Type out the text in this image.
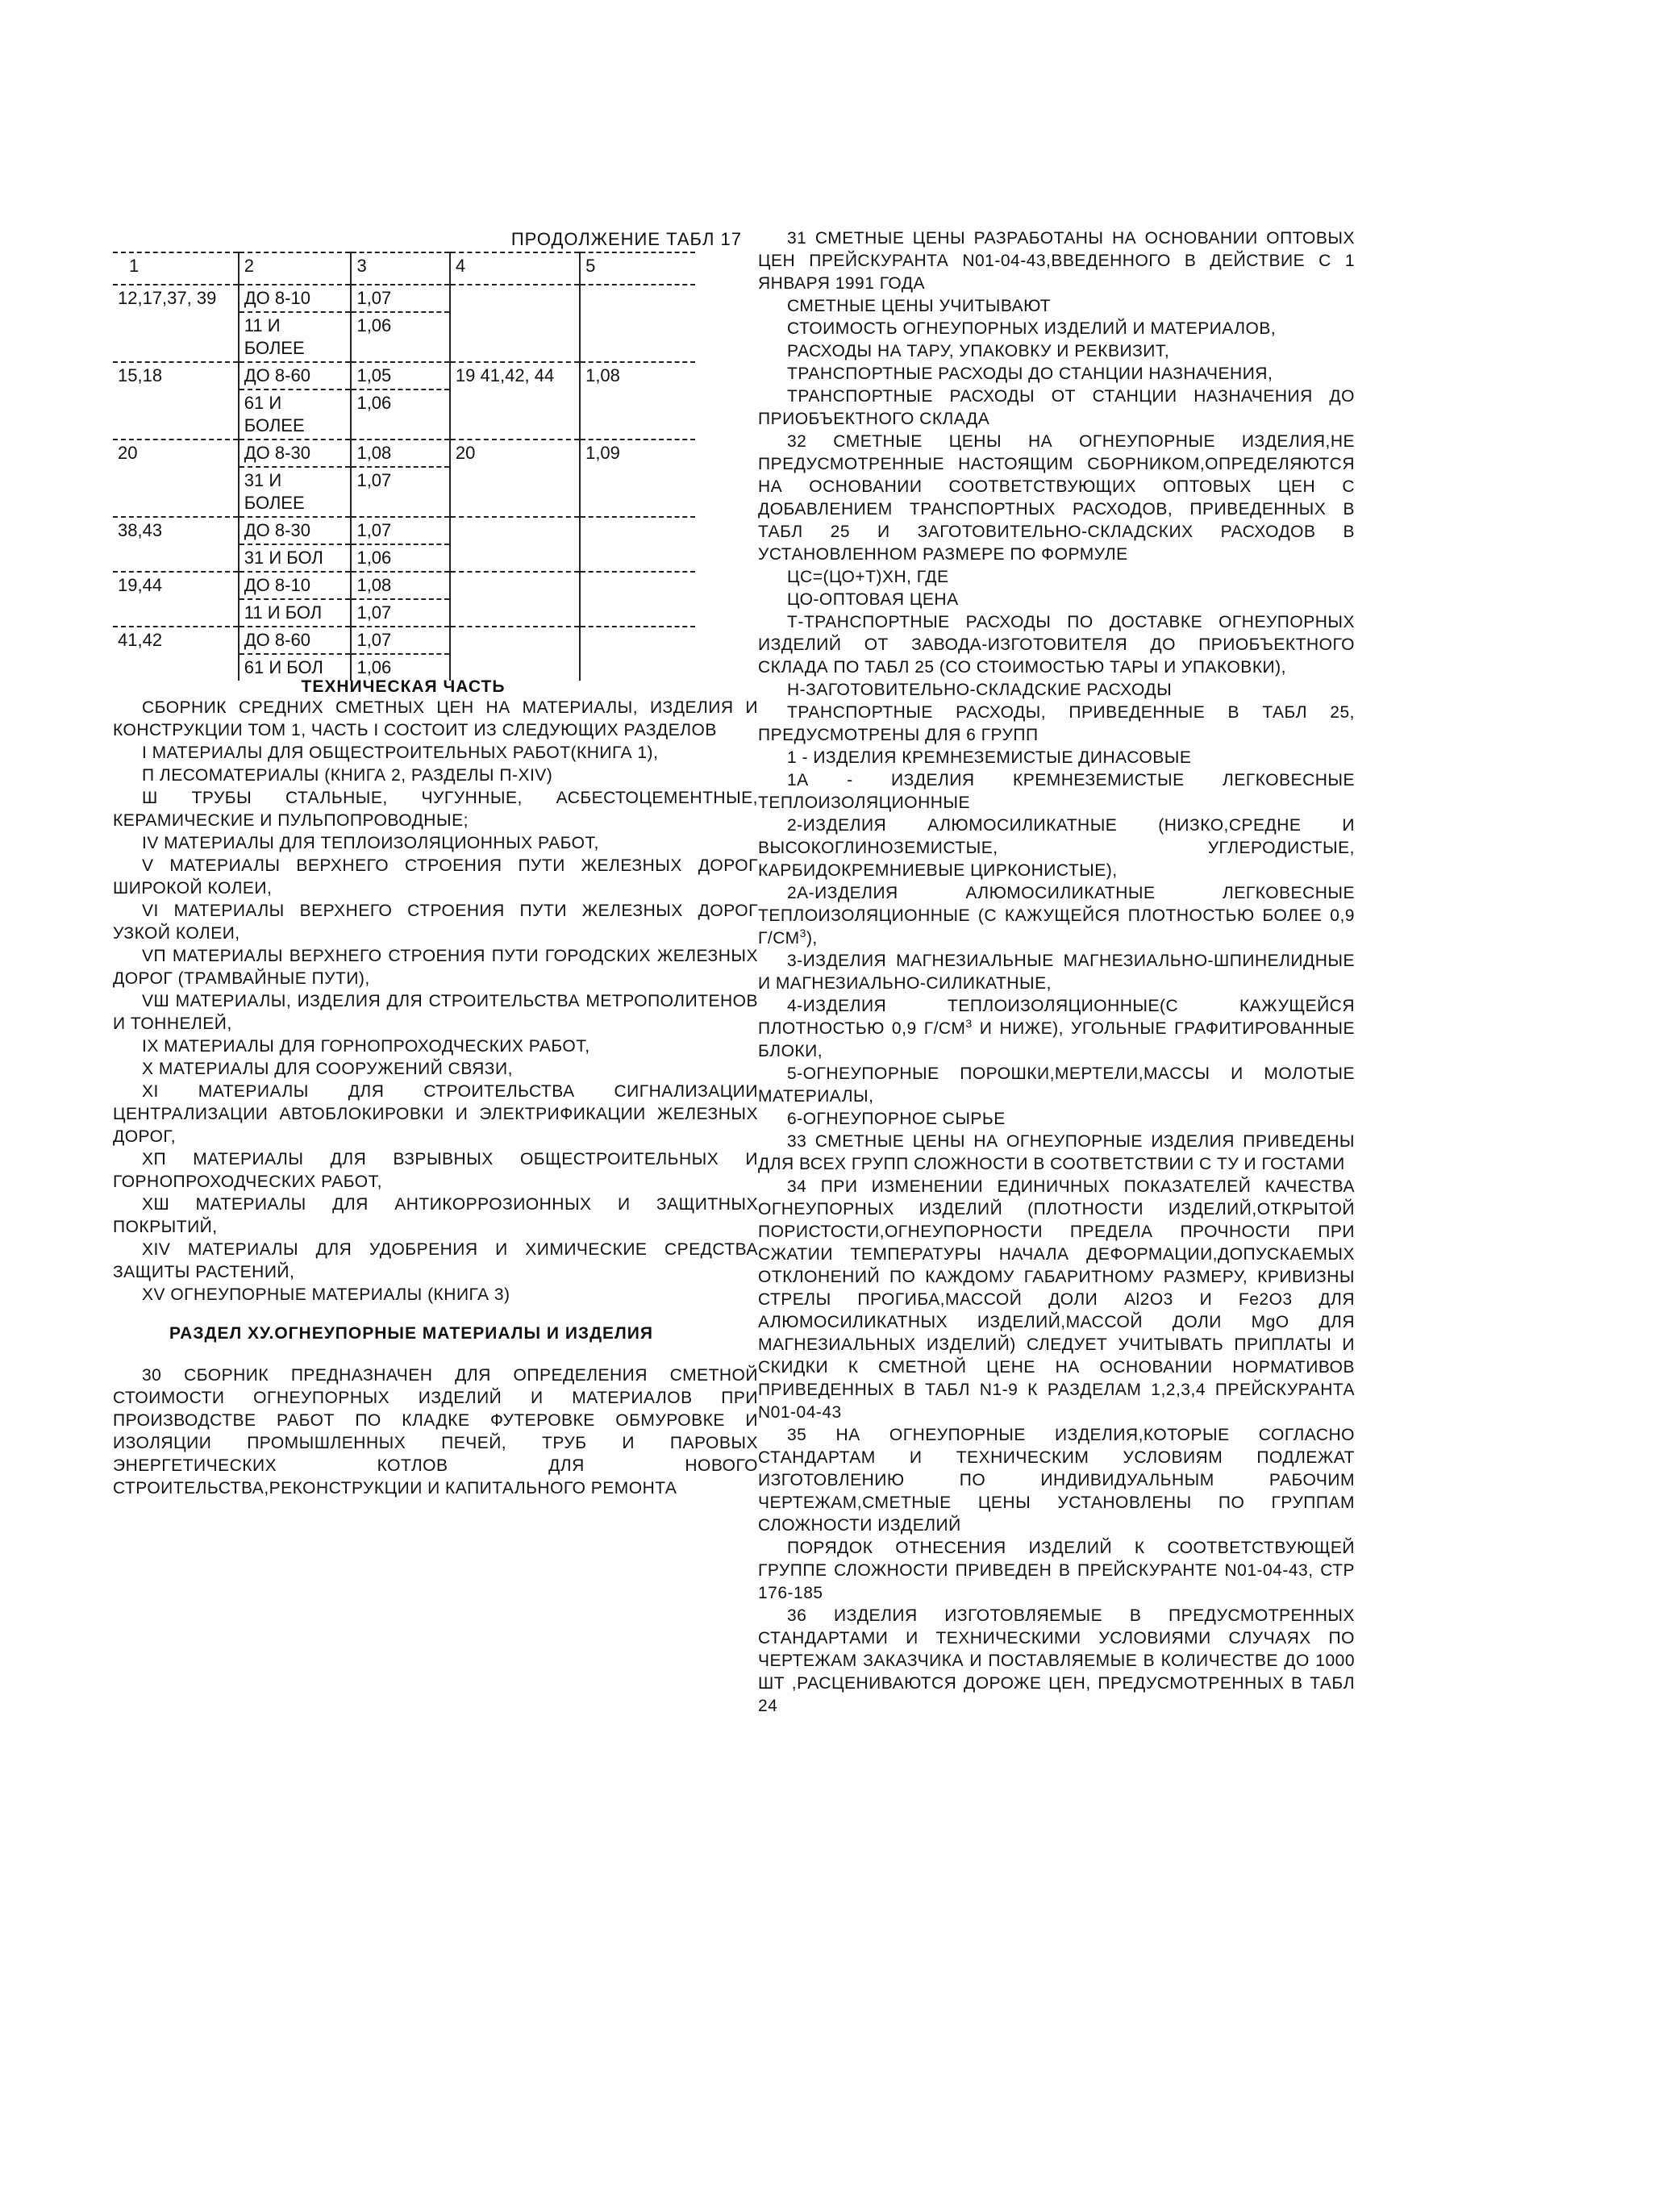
ПРОДОЛЖЕНИЕ ТАБЛ 17
1	2	3	4	5
12,17,37, 39	ДО 8-10	1,07		
	11 И БОЛЕЕ	1,06		
15,18	ДО 8-60	1,05	19 41,42, 44	1,08
	61 И БОЛЕЕ	1,06		
20	ДО 8-30	1,08	20	1,09
	31 И БОЛЕЕ	1,07		
38,43	ДО 8-30	1,07		
	31 И БОЛ	1,06		
19,44	ДО 8-10	1,08		
	11 И БОЛ	1,07		
41,42	ДО 8-60	1,07		
	61 И БОЛ	1,06		
ТЕХНИЧЕСКАЯ ЧАСТЬ

СБОРНИК СРЕДНИХ СМЕТНЫХ ЦЕН НА МАТЕРИАЛЫ, ИЗДЕЛИЯ И КОНСТРУКЦИИ ТОМ 1, ЧАСТЬ I СОСТОИТ ИЗ СЛЕДУЮЩИХ РАЗДЕЛОВ

I МАТЕРИАЛЫ ДЛЯ ОБЩЕСТРОИТЕЛЬНЫХ РАБОТ(КНИГА 1),

П ЛЕСОМАТЕРИАЛЫ (КНИГА 2, РАЗДЕЛЫ П-XIV)

Ш ТРУБЫ СТАЛЬНЫЕ, ЧУГУННЫЕ, АСБЕСТОЦЕМЕНТНЫЕ, КЕРАМИЧЕСКИЕ И ПУЛЬПОПРОВОДНЫЕ;

IV МАТЕРИАЛЫ ДЛЯ ТЕПЛОИЗОЛЯЦИОННЫХ РАБОТ,

V МАТЕРИАЛЫ ВЕРХНЕГО СТРОЕНИЯ ПУТИ ЖЕЛЕЗНЫХ ДОРОГ ШИРОКОЙ КОЛЕИ,

VI МАТЕРИАЛЫ ВЕРХНЕГО СТРОЕНИЯ ПУТИ ЖЕЛЕЗНЫХ ДОРОГ УЗКОЙ КОЛЕИ,

VП МАТЕРИАЛЫ ВЕРХНЕГО СТРОЕНИЯ ПУТИ ГОРОДСКИХ ЖЕЛЕЗНЫХ ДОРОГ (ТРАМВАЙНЫЕ ПУТИ),

VШ МАТЕРИАЛЫ, ИЗДЕЛИЯ ДЛЯ СТРОИТЕЛЬСТВА МЕТРОПОЛИТЕНОВ И ТОННЕЛЕЙ,

IX МАТЕРИАЛЫ ДЛЯ ГОРНОПРОХОДЧЕСКИХ РАБОТ,

X МАТЕРИАЛЫ ДЛЯ СООРУЖЕНИЙ СВЯЗИ,

XI МАТЕРИАЛЫ ДЛЯ СТРОИТЕЛЬСТВА СИГНАЛИЗАЦИИ ЦЕНТРАЛИЗАЦИИ АВТОБЛОКИРОВКИ И ЭЛЕКТРИФИКАЦИИ ЖЕЛЕЗНЫХ ДОРОГ,

XП МАТЕРИАЛЫ ДЛЯ ВЗРЫВНЫХ ОБЩЕСТРОИТЕЛЬНЫХ И ГОРНОПРОХОДЧЕСКИХ РАБОТ,

XШ МАТЕРИАЛЫ ДЛЯ АНТИКОРРОЗИОННЫХ И ЗАЩИТНЫХ ПОКРЫТИЙ,

XIV МАТЕРИАЛЫ ДЛЯ УДОБРЕНИЯ И ХИМИЧЕСКИЕ СРЕДСТВА ЗАЩИТЫ РАСТЕНИЙ,

XV ОГНЕУПОРНЫЕ МАТЕРИАЛЫ (КНИГА 3)

РАЗДЕЛ XУ.ОГНЕУПОРНЫЕ МАТЕРИАЛЫ И ИЗДЕЛИЯ

30 СБОРНИК ПРЕДНАЗНАЧЕН ДЛЯ ОПРЕДЕЛЕНИЯ СМЕТНОЙ СТОИМОСТИ ОГНЕУПОРНЫХ ИЗДЕЛИЙ И МАТЕРИАЛОВ ПРИ ПРОИЗВОДСТВЕ РАБОТ ПО КЛАДКЕ ФУТЕРОВКЕ ОБМУРОВКЕ И ИЗОЛЯЦИИ ПРОМЫШЛЕННЫХ ПЕЧЕЙ, ТРУБ И ПАРОВЫХ ЭНЕРГЕТИЧЕСКИХ КОТЛОВ ДЛЯ НОВОГО СТРОИТЕЛЬСТВА,РЕКОНСТРУКЦИИ И КАПИТАЛЬНОГО РЕМОНТА

31 СМЕТНЫЕ ЦЕНЫ РАЗРАБОТАНЫ НА ОСНОВАНИИ ОПТОВЫХ ЦЕН ПРЕЙСКУРАНТА N01-04-43,ВВЕДЕННОГО В ДЕЙСТВИЕ С 1 ЯНВАРЯ 1991 ГОДА

СМЕТНЫЕ ЦЕНЫ УЧИТЫВАЮТ

СТОИМОСТЬ ОГНЕУПОРНЫХ ИЗДЕЛИЙ И МАТЕРИАЛОВ,

РАСХОДЫ НА ТАРУ, УПАКОВКУ И РЕКВИЗИТ,

ТРАНСПОРТНЫЕ РАСХОДЫ ДО СТАНЦИИ НАЗНАЧЕНИЯ,

ТРАНСПОРТНЫЕ РАСХОДЫ ОТ СТАНЦИИ НАЗНАЧЕНИЯ ДО ПРИОБЪЕКТНОГО СКЛАДА

32 СМЕТНЫЕ ЦЕНЫ НА ОГНЕУПОРНЫЕ ИЗДЕЛИЯ,НЕ ПРЕДУСМОТРЕННЫЕ НАСТОЯЩИМ СБОРНИКОМ,ОПРЕДЕЛЯЮТСЯ НА ОСНОВАНИИ СООТВЕТСТВУЮЩИХ ОПТОВЫХ ЦЕН С ДОБАВЛЕНИЕМ ТРАНСПОРТНЫХ РАСХОДОВ, ПРИВЕДЕННЫХ В ТАБЛ 25 И ЗАГОТОВИТЕЛЬНО-СКЛАДСКИХ РАСХОДОВ В УСТАНОВЛЕННОМ РАЗМЕРЕ ПО ФОРМУЛЕ

ЦС=(ЦО+Т)ХН, ГДЕ

ЦО-ОПТОВАЯ ЦЕНА

Т-ТРАНСПОРТНЫЕ РАСХОДЫ ПО ДОСТАВКЕ ОГНЕУПОРНЫХ ИЗДЕЛИЙ ОТ ЗАВОДА-ИЗГОТОВИТЕЛЯ ДО ПРИОБЪЕКТНОГО СКЛАДА ПО ТАБЛ 25 (СО СТОИМОСТЬЮ ТАРЫ И УПАКОВКИ),

Н-ЗАГОТОВИТЕЛЬНО-СКЛАДСКИЕ РАСХОДЫ

ТРАНСПОРТНЫЕ РАСХОДЫ, ПРИВЕДЕННЫЕ В ТАБЛ 25, ПРЕДУСМОТРЕНЫ ДЛЯ 6 ГРУПП

1 - ИЗДЕЛИЯ КРЕМНЕЗЕМИСТЫЕ ДИНАСОВЫЕ

1А - ИЗДЕЛИЯ КРЕМНЕЗЕМИСТЫЕ ЛЕГКОВЕСНЫЕ ТЕПЛОИЗОЛЯЦИОННЫЕ

2-ИЗДЕЛИЯ АЛЮМОСИЛИКАТНЫЕ (НИЗКО,СРЕДНЕ И ВЫСОКОГЛИНОЗЕМИСТЫЕ, УГЛЕРОДИСТЫЕ, КАРБИДОКРЕМНИЕВЫЕ ЦИРКОНИСТЫЕ),

2А-ИЗДЕЛИЯ АЛЮМОСИЛИКАТНЫЕ ЛЕГКОВЕСНЫЕ ТЕПЛОИЗОЛЯЦИОННЫЕ (С КАЖУЩЕЙСЯ ПЛОТНОСТЬЮ БОЛЕЕ 0,9 $Г/СМ^3$),

3-ИЗДЕЛИЯ МАГНЕЗИАЛЬНЫЕ МАГНЕЗИАЛЬНО-ШПИНЕЛИДНЫЕ И МАГНЕЗИАЛЬНО-СИЛИКАТНЫЕ,

4-ИЗДЕЛИЯ ТЕПЛОИЗОЛЯЦИОННЫЕ(С КАЖУЩЕЙСЯ ПЛОТНОСТЬЮ 0,9 $Г/СМ^3$ И НИЖЕ), УГОЛЬНЫЕ ГРАФИТИРОВАННЫЕ БЛОКИ,

5-ОГНЕУПОРНЫЕ ПОРОШКИ,МЕРТЕЛИ,МАССЫ И МОЛОТЫЕ МАТЕРИАЛЫ,

6-ОГНЕУПОРНОЕ СЫРЬЕ

33 СМЕТНЫЕ ЦЕНЫ НА ОГНЕУПОРНЫЕ ИЗДЕЛИЯ ПРИВЕДЕНЫ ДЛЯ ВСЕХ ГРУПП СЛОЖНОСТИ В СООТВЕТСТВИИ С ТУ И ГОСТАМИ

34 ПРИ ИЗМЕНЕНИИ ЕДИНИЧНЫХ ПОКАЗАТЕЛЕЙ КАЧЕСТВА ОГНЕУПОРНЫХ ИЗДЕЛИЙ (ПЛОТНОСТИ ИЗДЕЛИЙ,ОТКРЫТОЙ ПОРИСТОСТИ,ОГНЕУПОРНОСТИ ПРЕДЕЛА ПРОЧНОСТИ ПРИ СЖАТИИ ТЕМПЕРАТУРЫ НАЧАЛА ДЕФОРМАЦИИ,ДОПУСКАЕМЫХ ОТКЛОНЕНИЙ ПО КАЖДОМУ ГАБАРИТНОМУ РАЗМЕРУ, КРИВИЗНЫ СТРЕЛЫ ПРОГИБА,МАССОЙ ДОЛИ Al2O3 И Fe2O3 ДЛЯ АЛЮМОСИЛИКАТНЫХ ИЗДЕЛИЙ,МАССОЙ ДОЛИ MgO ДЛЯ МАГНЕЗИАЛЬНЫХ ИЗДЕЛИЙ) СЛЕДУЕТ УЧИТЫВАТЬ ПРИПЛАТЫ И СКИДКИ К СМЕТНОЙ ЦЕНЕ НА ОСНОВАНИИ НОРМАТИВОВ ПРИВЕДЕННЫХ В ТАБЛ N1-9 К РАЗДЕЛАМ 1,2,3,4 ПРЕЙСКУРАНТА N01-04-43

35 НА ОГНЕУПОРНЫЕ ИЗДЕЛИЯ,КОТОРЫЕ СОГЛАСНО СТАНДАРТАМ И ТЕХНИЧЕСКИМ УСЛОВИЯМ ПОДЛЕЖАТ ИЗГОТОВЛЕНИЮ ПО ИНДИВИДУАЛЬНЫМ РАБОЧИМ ЧЕРТЕЖАМ,СМЕТНЫЕ ЦЕНЫ УСТАНОВЛЕНЫ ПО ГРУППАМ СЛОЖНОСТИ ИЗДЕЛИЙ

ПОРЯДОК ОТНЕСЕНИЯ ИЗДЕЛИЙ К СООТВЕТСТВУЮЩЕЙ ГРУППЕ СЛОЖНОСТИ ПРИВЕДЕН В ПРЕЙСКУРАНТЕ N01-04-43, СТР 176-185

36 ИЗДЕЛИЯ ИЗГОТОВЛЯЕМЫЕ В ПРЕДУСМОТРЕННЫХ СТАНДАРТАМИ И ТЕХНИЧЕСКИМИ УСЛОВИЯМИ СЛУЧАЯХ ПО ЧЕРТЕЖАМ ЗАКАЗЧИКА И ПОСТАВЛЯЕМЫЕ В КОЛИЧЕСТВЕ ДО 1000 ШТ ,РАСЦЕНИВАЮТСЯ ДОРОЖЕ ЦЕН, ПРЕДУСМОТРЕННЫХ В ТАБЛ 24
